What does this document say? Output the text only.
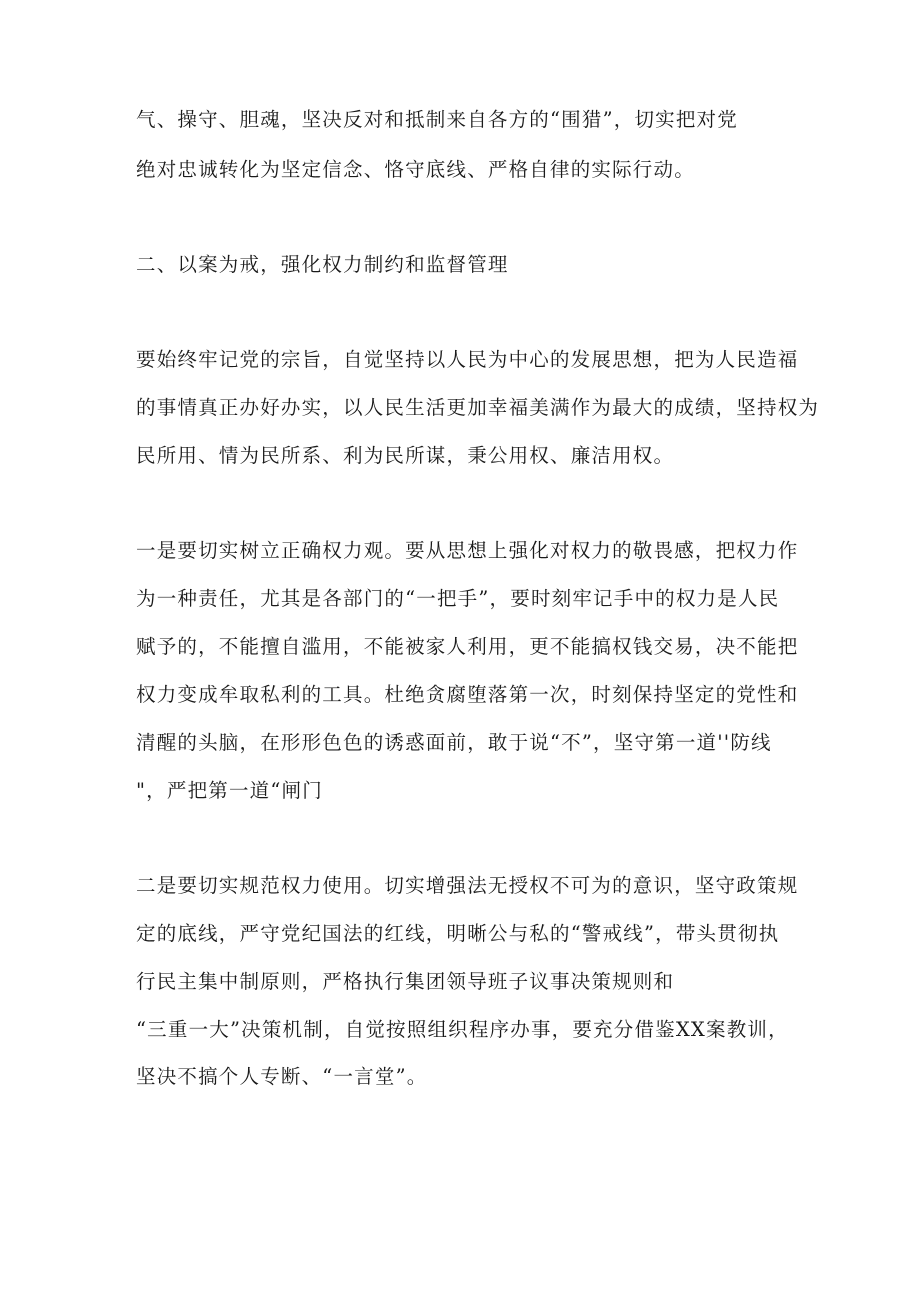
气、操守、胆魂，坚决反对和抵制来自各方的“围猎”，切实把对党
绝对忠诚转化为坚定信念、恪守底线、严格自律的实际行动。
二、以案为戒，强化权力制约和监督管理
要始终牢记党的宗旨，自觉坚持以人民为中心的发展思想，把为人民造福
的事情真正办好办实，以人民生活更加幸福美满作为最大的成绩，坚持权为
民所用、情为民所系、利为民所谋，秉公用权、廉洁用权。
一是要切实树立正确权力观。要从思想上强化对权力的敬畏感，把权力作
为一种责任，尤其是各部门的“一把手”，要时刻牢记手中的权力是人民
赋予的，不能擅自滥用，不能被家人利用，更不能搞权钱交易，决不能把
权力变成牟取私利的工具。杜绝贪腐堕落第一次，时刻保持坚定的党性和
清醒的头脑，在形形色色的诱惑面前，敢于说“不”，坚守第一道''防线
"，严把第一道“闸门
二是要切实规范权力使用。切实增强法无授权不可为的意识，坚守政策规
定的底线，严守党纪国法的红线，明晰公与私的“警戒线”，带头贯彻执
行民主集中制原则，严格执行集团领导班子议事决策规则和
“三重一大”决策机制，自觉按照组织程序办事，要充分借鉴XX案教训，
坚决不搞个人专断、“一言堂”。
